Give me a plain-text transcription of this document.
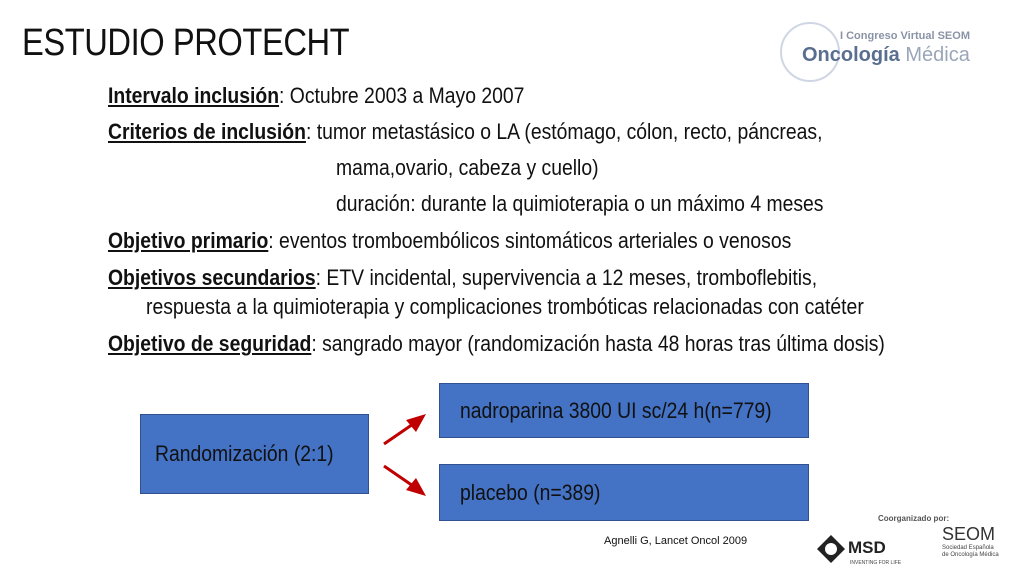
ESTUDIO PROTECHT	I Congreso Virtual SEOM
Oncología Médica
Intervalo inclusión: Octubre 2003 a Mayo 2007
Criterios de inclusión: tumor metastásico o LA (estómago, cólon, recto, páncreas,
mama,ovario, cabeza y cuello)
duración: durante la quimioterapia o un máximo 4 meses
Objetivo primario: eventos tromboembólicos sintomáticos arteriales o venosos
Objetivos secundarios: ETV incidental, supervivencia a 12 meses, tromboflebitis,
respuesta a la quimioterapia y complicaciones trombóticas relacionadas con catéter
Objetivo de seguridad: sangrado mayor (randomización hasta 48 horas tras última dosis)
Randomización (2:1)
nadroparina 3800 UI sc/24 h(n=779)
placebo (n=389)
Agnelli G, Lancet Oncol 2009
Coorganizado por:
MSD
INVENTING FOR LIFE
SEOM
Sociedad Española
de Oncología Médica
